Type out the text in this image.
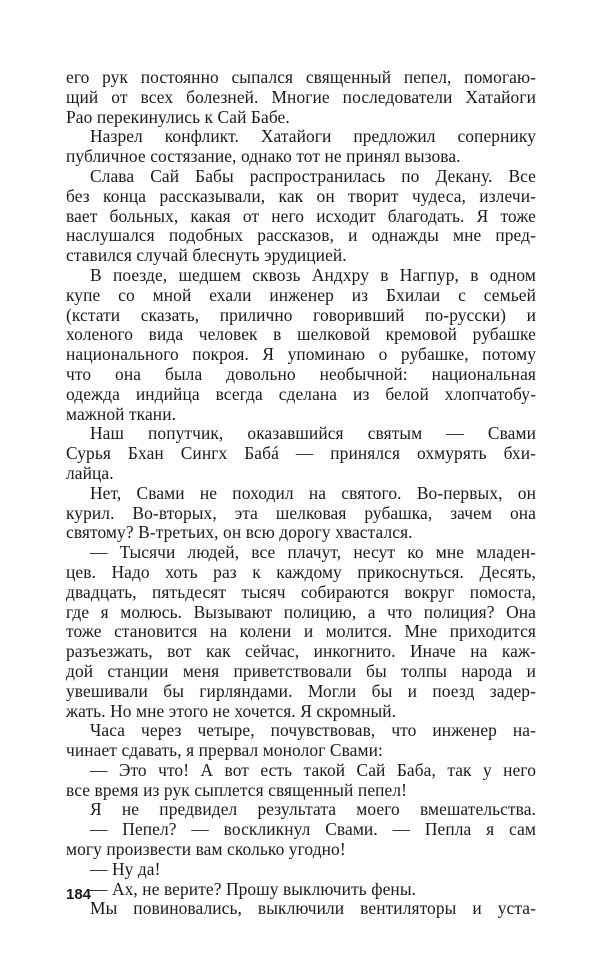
его рук постоянно сыпался священный пепел, помогаю-
щий от всех болезней. Многие последователи Хатайоги
Рао перекинулись к Сай Бабе.
Назрел конфликт. Хатайоги предложил сопернику
публичное состязание, однако тот не принял вызова.
Слава Сай Бабы распространилась по Декану. Все
без конца рассказывали, как он творит чудеса, излечи-
вает больных, какая от него исходит благодать. Я тоже
наслушался подобных рассказов, и однажды мне пред-
ставился случай блеснуть эрудицией.
В поезде, шедшем сквозь Андхру в Нагпур, в одном
купе со мной ехали инженер из Бхилаи с семьей
(кстати сказать, прилично говоривший по-русски) и
холеного вида человек в шелковой кремовой рубашке
национального покроя. Я упоминаю о рубашке, потому
что она была довольно необычной: национальная
одежда индийца всегда сделана из белой хлопчатобу-
мажной ткани.
Наш попутчик, оказавшийся святым — Свами
Сурья Бхан Сингх Бабá — принялся охмурять бхи-
лайца.
Нет, Свами не походил на святого. Во-первых, он
курил. Во-вторых, эта шелковая рубашка, зачем она
святому? В-третьих, он всю дорогу хвастался.
— Тысячи людей, все плачут, несут ко мне младен-
цев. Надо хоть раз к каждому прикоснуться. Десять,
двадцать, пятьдесят тысяч собираются вокруг помоста,
где я молюсь. Вызывают полицию, а что полиция? Она
тоже становится на колени и молится. Мне приходится
разъезжать, вот как сейчас, инкогнито. Иначе на каж-
дой станции меня приветствовали бы толпы народа и
увешивали бы гирляндами. Могли бы и поезд задер-
жать. Но мне этого не хочется. Я скромный.
Часа через четыре, почувствовав, что инженер на-
чинает сдавать, я прервал монолог Свами:
— Это что! А вот есть такой Сай Баба, так у него
все время из рук сыплется священный пепел!
Я не предвидел результата моего вмешательства.
— Пепел? — воскликнул Свами. — Пепла я сам
могу произвести вам сколько угодно!
— Ну да!
— Ах, не верите? Прошу выключить фены.
Мы повиновались, выключили вентиляторы и уста-
184
